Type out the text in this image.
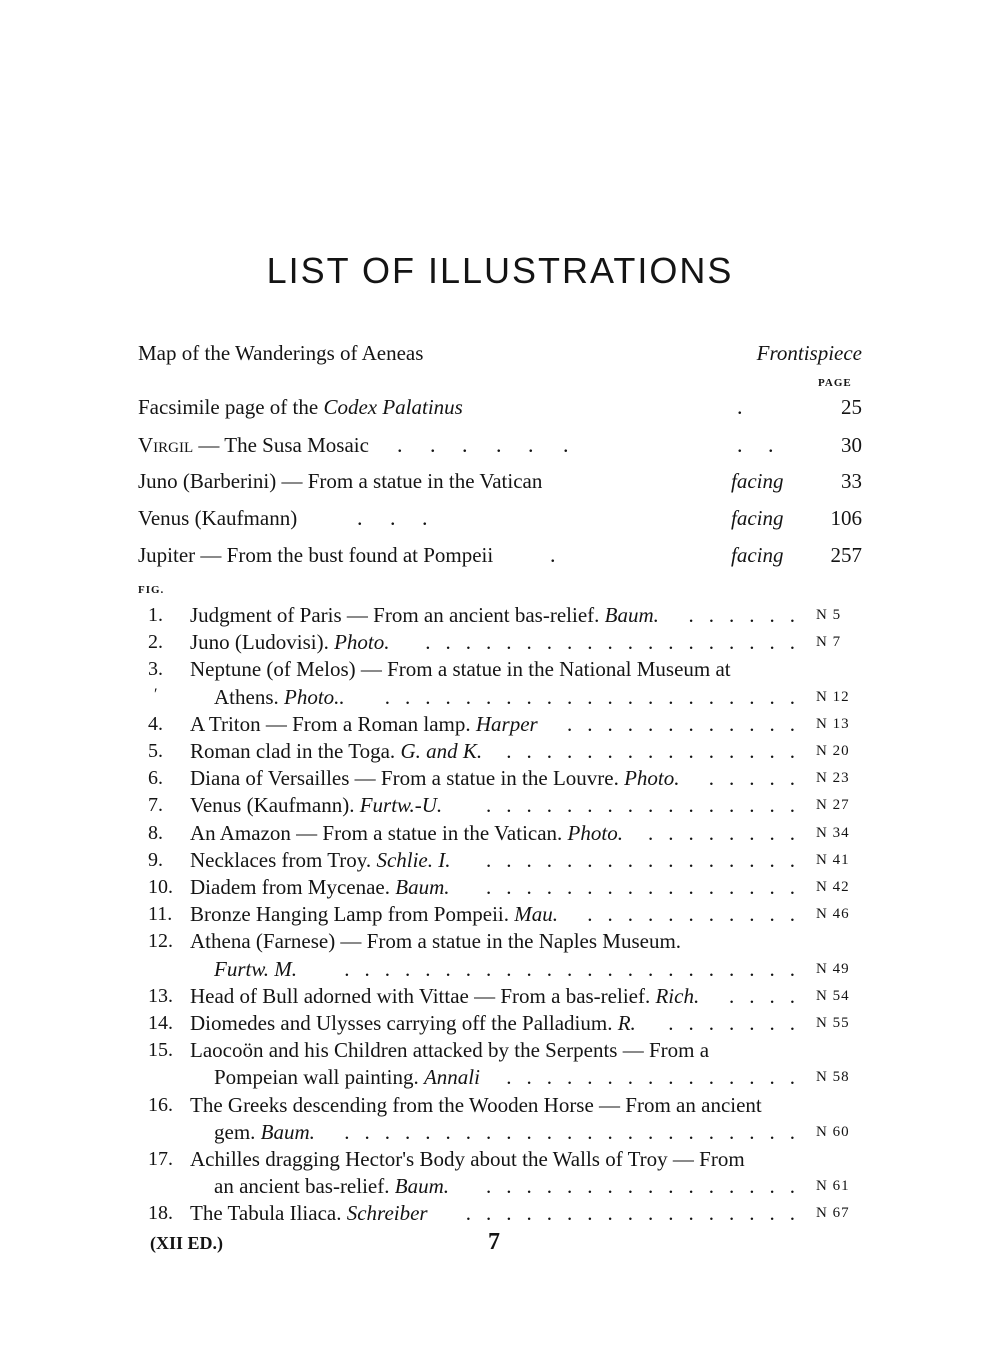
LIST OF ILLUSTRATIONS
Map of the Wanderings of Aeneas	Frontispiece
PAGE
Facsimile page of the Codex Palatinus	.	25
Virgil — The Susa Mosaic . . . . . .	. .	30
Juno (Barberini) — From a statue in the Vatican	facing	33
Venus (Kaufmann)	. . .	facing 106
Jupiter — From the bust found at Pompeii	.	facing 257
FIG.
1.	Judgment of Paris — From an ancient bas-relief. Baum.	...... N 5
2.	Juno (Ludovisi). Photo.	................... N 7
3.	Neptune (of Melos) — From a statue in the National Museum at
Athens. Photo..	..................... N 12
4.	A Triton — From a Roman lamp. Harper	............ N 13
5.	Roman clad in the Toga. G. and K.	............... N 20
6.	Diana of Versailles — From a statue in the Louvre. Photo.	..... N 23
7.	Venus (Kaufmann). Furtw.-U.	................ N 27
8.	An Amazon — From a statue in the Vatican. Photo.	........ N 34
9.	Necklaces from Troy. Schlie. I.	................ N 41
10. Diadem from Mycenae. Baum.	................ N 42
11. Bronze Hanging Lamp from Pompeii. Mau.	........... N 46
12. Athena (Farnese) — From a statue in the Naples Museum.
Furtw. M.	....................... N 49
13. Head of Bull adorned with Vittae — From a bas-relief. Rich.	.... N 54
14. Diomedes and Ulysses carrying off the Palladium. R.	....... N 55
15. Laocoön and his Children attacked by the Serpents — From a
Pompeian wall painting. Annali	............... N 58
16. The Greeks descending from the Wooden Horse — From an ancient
gem. Baum.	....................... N 60
17. Achilles dragging Hector's Body about the Walls of Troy — From
an ancient bas-relief. Baum.	................ N 61
18. The Tabula Iliaca. Schreiber	................. N 67
′
(XII ED.)	7
